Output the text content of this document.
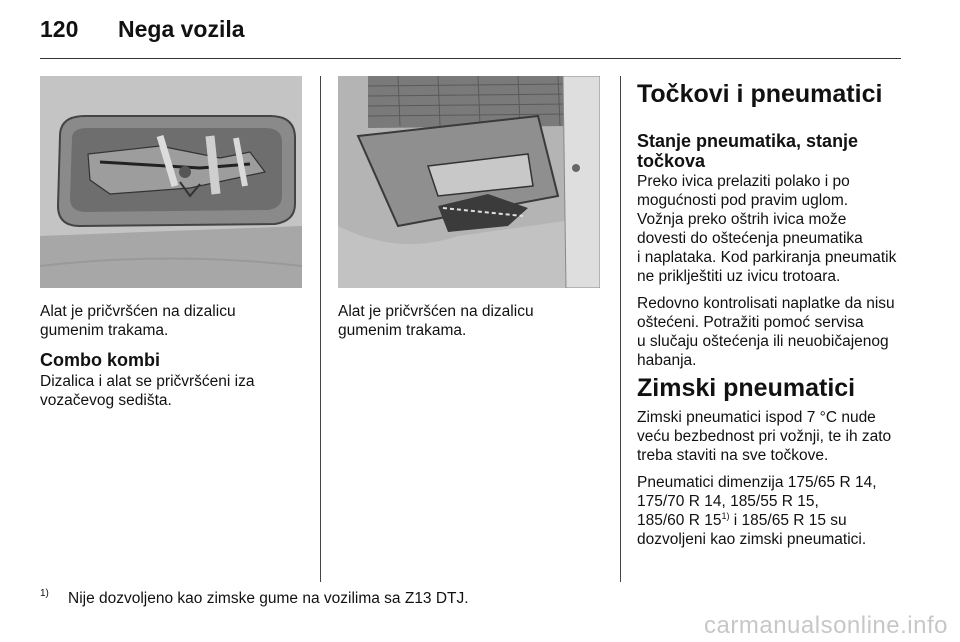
120 Nega vozila

Alat je pričvršćen na dizalicu
gumenim trakama.

Combo kombi

Dizalica i alat se pričvršćeni iza
vozačevog sedišta.

Alat je pričvršćen na dizalicu
gumenim trakama.

Točkovi i pneumatici
Stanje pneumatika, stanje
točkova

Preko ivica prelaziti polako i po
mogućnosti pod pravim uglom.
Vožnja preko oštrih ivica može
dovesti do oštećenja pneumatika
i naplataka. Kod parkiranja pneumatik
ne priklještiti uz ivicu trotoara.

Redovno kontrolisati naplatke da nisu
oštećeni. Potražiti pomoć servisa
u slučaju oštećenja ili neuobičajenog
habanja.

Zimski pneumatici

Zimski pneumatici ispod 7 °C nude
veću bezbednost pri vožnji, te ih zato
treba staviti na sve točkove.

Pneumatici dimenzija 175/65 R 14,
175/70 R 14, 185/55 R 15,
185/60 R 15$^{1)}$ i 185/65 R 15 su
dozvoljeni kao zimski pneumatici.

1) Nije dozvoljeno kao zimske gume na vozilima sa Z13 DTJ.
carmanualsonline.info
